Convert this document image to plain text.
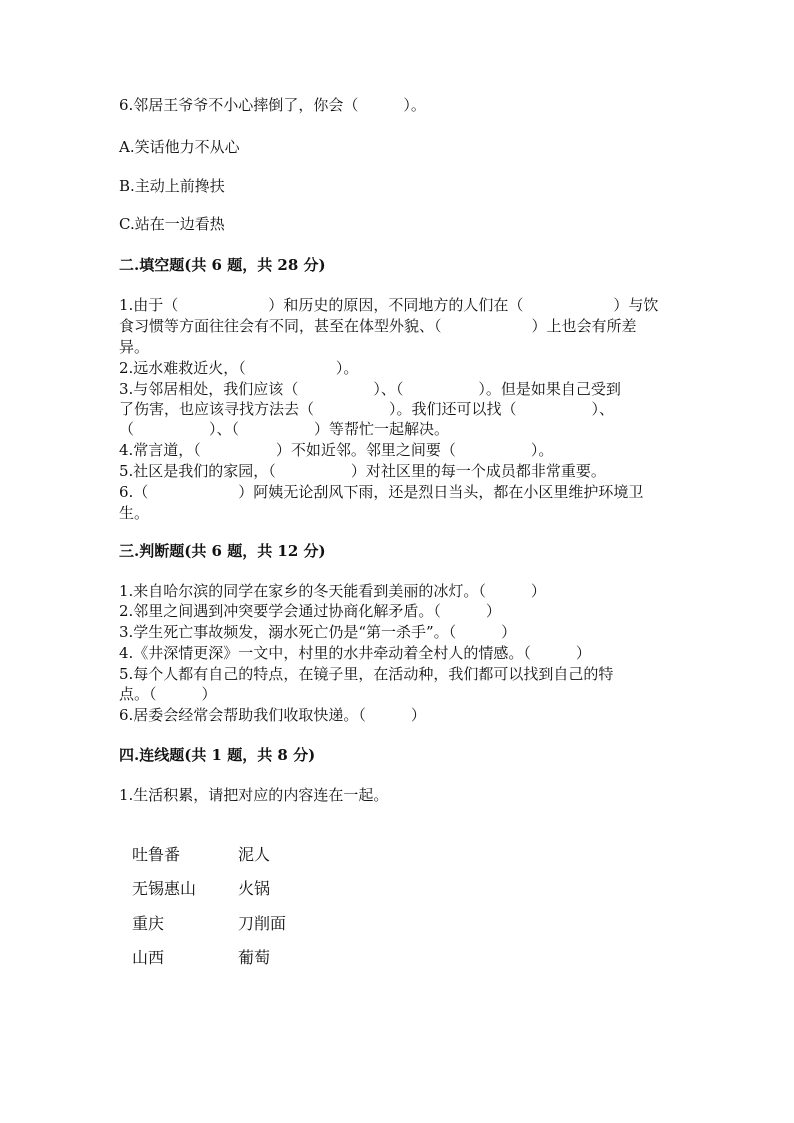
6.邻居王爷爷不小心摔倒了，你会（　　　）。
A.笑话他力不从心
B.主动上前搀扶
C.站在一边看热
二.填空题(共 6 题，共 28 分)
1.由于（　　　　　　）和历史的原因，不同地方的人们在（　　　　　　）与饮
食习惯等方面往往会有不同，甚至在体型外貌、（　　　　　　）上也会有所差
异。
2.远水难救近火，（　　　　　　）。
3.与邻居相处，我们应该（　　　　　）、（　　　　　）。但是如果自己受到
了伤害，也应该寻找方法去（　　　　　）。我们还可以找（　　　　　）、
（　　　　　）、（　　　　　）等帮忙一起解决。
4.常言道，（　　　　　）不如近邻。邻里之间要（　　　　　）。
5.社区是我们的家园，（　　　　　）对社区里的每一个成员都非常重要。
6.（　　　　　　）阿姨无论刮风下雨，还是烈日当头，都在小区里维护环境卫
生。
三.判断题(共 6 题，共 12 分)
1.来自哈尔滨的同学在家乡的冬天能看到美丽的冰灯。（　　　）
2.邻里之间遇到冲突要学会通过协商化解矛盾。（　　　）
3.学生死亡事故频发，溺水死亡仍是“第一杀手”。（　　　）
4.《井深情更深》一文中，村里的水井牵动着全村人的情感。（　　　）
5.每个人都有自己的特点，在镜子里，在活动种，我们都可以找到自己的特
点。（　　　）
6.居委会经常会帮助我们收取快递。（　　　）
四.连线题(共 1 题，共 8 分)
1.生活积累，请把对应的内容连在一起。
吐鲁番
无锡惠山
重庆
山西
泥人
火锅
刀削面
葡萄
